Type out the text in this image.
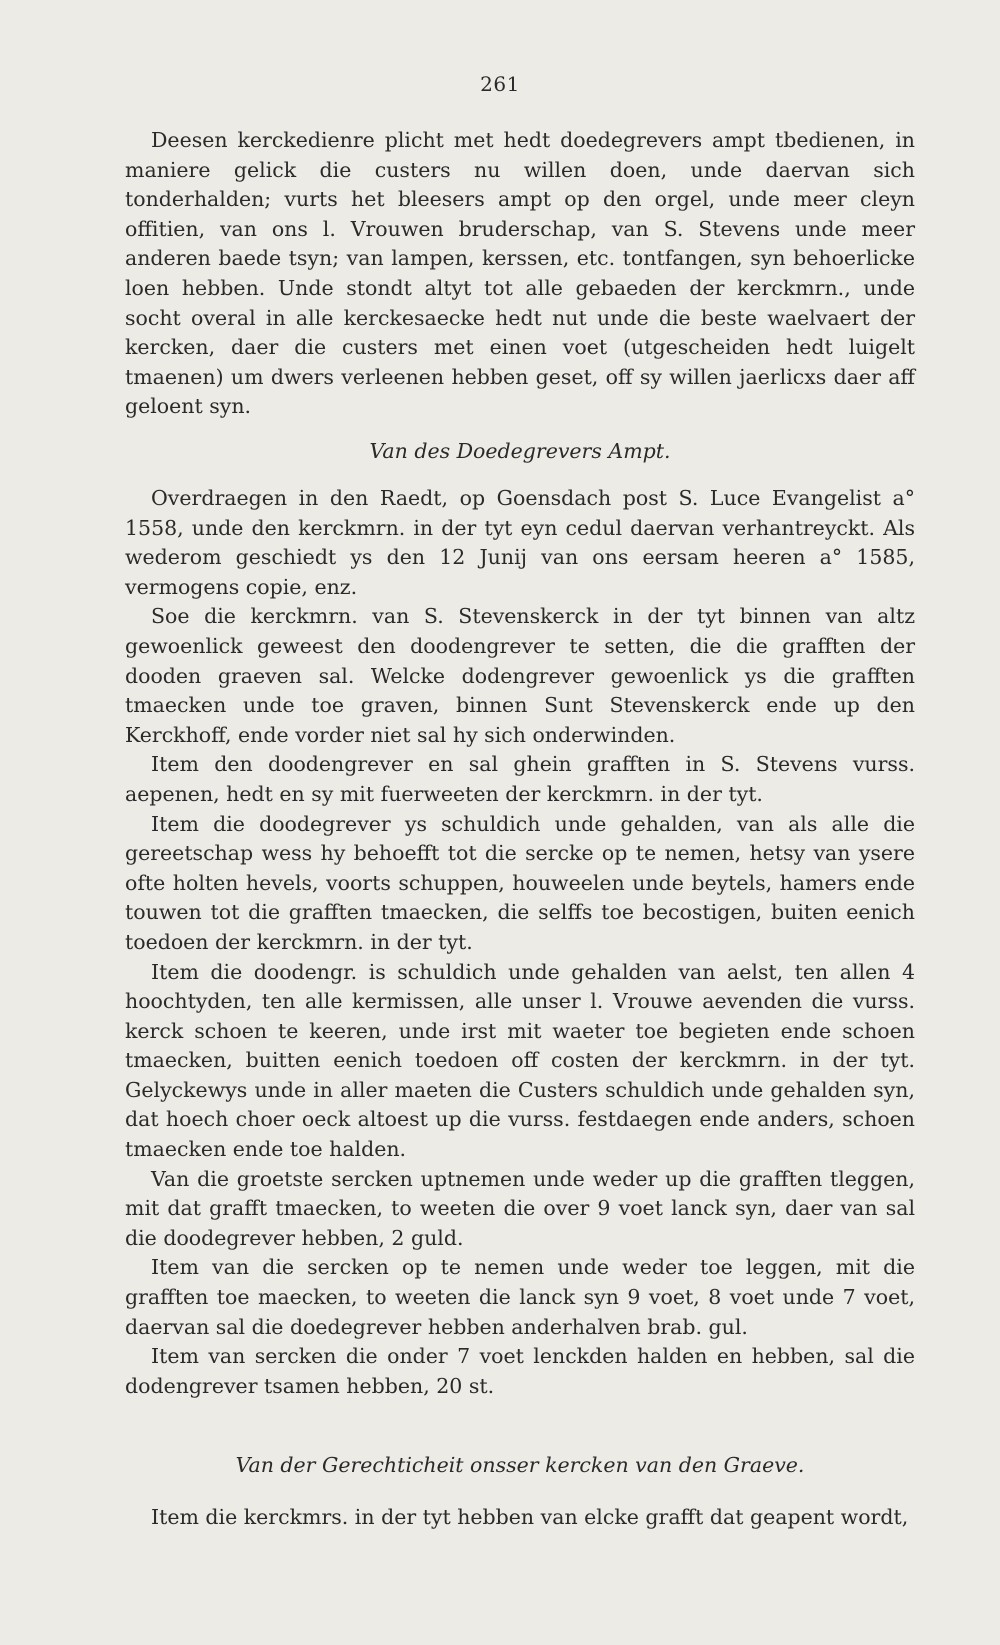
261

Deesen kerckedienre plicht met hedt doedegrevers ampt tbedienen, in maniere gelick die custers nu willen doen, unde daervan sich tonderhalden; vurts het bleesers ampt op den orgel, unde meer cleyn offitien, van ons l. Vrouwen bruderschap, van S. Stevens unde meer anderen baede tsyn; van lampen, kerssen, etc. tontfangen, syn behoerlicke loen hebben. Unde stondt altyt tot alle gebaeden der kerckmrn., unde socht overal in alle kerckesaecke hedt nut unde die beste waelvaert der kercken, daer die custers met einen voet (utgescheiden hedt luigelt tmaenen) um dwers verleenen hebben geset, off sy willen jaerlicxs daer aff geloent syn.

Van des Doedegrevers Ampt.

Overdraegen in den Raedt, op Goensdach post S. Luce Evangelist a° 1558, unde den kerckmrn. in der tyt eyn cedul daervan verhantreyckt. Als wederom geschiedt ys den 12 Junij van ons eersam heeren a° 1585, vermogens copie, enz.

Soe die kerckmrn. van S. Stevenskerck in der tyt binnen van altz gewoenlick geweest den doodengrever te setten, die die grafften der dooden graeven sal. Welcke dodengrever gewoenlick ys die grafften tmaecken unde toe graven, binnen Sunt Stevenskerck ende up den Kerckhoff, ende vorder niet sal hy sich onderwinden.

Item den doodengrever en sal ghein grafften in S. Stevens vurss. aepenen, hedt en sy mit fuerweeten der kerckmrn. in der tyt.

Item die doodegrever ys schuldich unde gehalden, van als alle die gereetschap wess hy behoefft tot die sercke op te nemen, hetsy van ysere ofte holten hevels, voorts schuppen, houweelen unde beytels, hamers ende touwen tot die grafften tmaecken, die selffs toe becostigen, buiten eenich toedoen der kerckmrn. in der tyt.

Item die doodengr. is schuldich unde gehalden van aelst, ten allen 4 hoochtyden, ten alle kermissen, alle unser l. Vrouwe aevenden die vurss. kerck schoen te keeren, unde irst mit waeter toe begieten ende schoen tmaecken, buitten eenich toedoen off costen der kerckmrn. in der tyt. Gelyckewys unde in aller maeten die Custers schuldich unde gehalden syn, dat hoech choer oeck altoest up die vurss. festdaegen ende anders, schoen tmaecken ende toe halden.

Van die groetste sercken uptnemen unde weder up die grafften tleggen, mit dat grafft tmaecken, to weeten die over 9 voet lanck syn, daer van sal die doodegrever hebben, 2 guld.

Item van die sercken op te nemen unde weder toe leggen, mit die grafften toe maecken, to weeten die lanck syn 9 voet, 8 voet unde 7 voet, daervan sal die doedegrever hebben anderhalven brab. gul.

Item van sercken die onder 7 voet lenckden halden en hebben, sal die dodengrever tsamen hebben, 20 st.

Van der Gerechticheit onsser kercken van den Graeve.

Item die kerckmrs. in der tyt hebben van elcke grafft dat geapent wordt,
